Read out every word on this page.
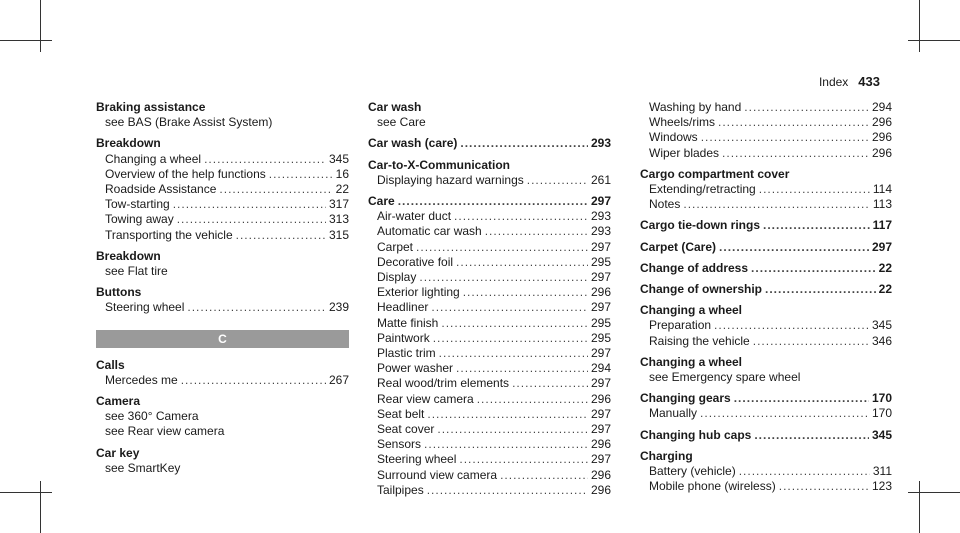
Index 433
Braking assistance
see BAS (Brake Assist System)
Breakdown
Changing a wheel .....	345
Overview of the help functions .....	16
Roadside Assistance .....	22
Tow-starting .....	317
Towing away .....	313
Transporting the vehicle .....	315
Breakdown
see Flat tire
Buttons
Steering wheel .....	239
C
Calls
Mercedes me .....	267
Camera
see 360° Camera
see Rear view camera
Car key
see SmartKey
Car wash
see Care
Car wash (care) .....	293
Car-to-X-Communication
Displaying hazard warnings .....	261
Care .....	297
Air-water duct .....	293
Automatic car wash .....	293
Carpet .....	297
Decorative foil .....	295
Display .....	297
Exterior lighting .....	296
Headliner .....	297
Matte finish .....	295
Paintwork .....	295
Plastic trim .....	297
Power washer .....	294
Real wood/trim elements .....	297
Rear view camera .....	296
Seat belt .....	297
Seat cover .....	297
Sensors .....	296
Steering wheel .....	297
Surround view camera .....	296
Tailpipes .....	296
Washing by hand .....	294
Wheels/rims .....	296
Windows .....	296
Wiper blades .....	296
Cargo compartment cover
Extending/retracting .....	114
Notes .....	113
Cargo tie-down rings .....	117
Carpet (Care) .....	297
Change of address .....	22
Change of ownership .....	22
Changing a wheel
Preparation .....	345
Raising the vehicle .....	346
Changing a wheel
see Emergency spare wheel
Changing gears .....	170
Manually .....	170
Changing hub caps .....	345
Charging
Battery (vehicle) .....	311
Mobile phone (wireless) .....	123
